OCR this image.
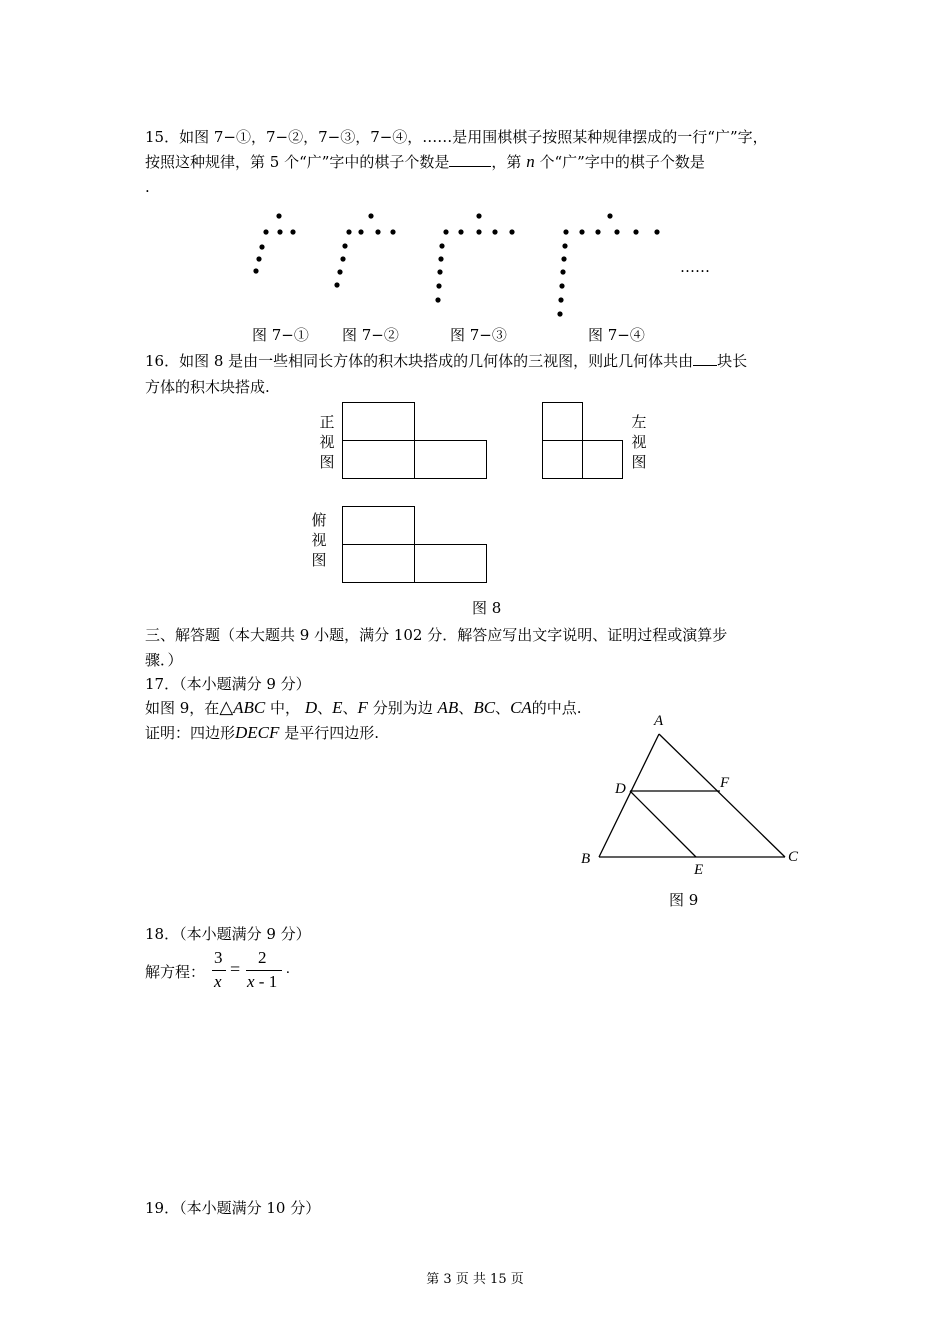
15．如图 7−①，7−②，7−③，7−④，……是用围棋棋子按照某种规律摆成的一行“广”字，
按照这种规律，第 5 个“广”字中的棋子个数是	，第 n 个“广”字中的棋子个数是
.
……
图 7−① 图 7−②	图 7−③	图 7−④
16．如图 8 是由一些相同长方体的积木块搭成的几何体的三视图，则此几何体共由 块长
方体的积木块搭成.
正
视
图
左
视
图
俯
视
图
图 8
三、解答题（本大题共 9 小题，满分 102 分．解答应写出文字说明、证明过程或演算步
骤．）
17．（本小题满分 9 分）
如图 9，在△ABC 中， D、E、F 分别为边 AB、BC、CA的中点.
证明：四边形DECF 是平行四边形.
A
B	C
D
E
F
图 9
18．（本小题满分 9 分）
解方程：
3
x
=
2
x - 1
.
19．（本小题满分 10 分）
第 3 页 共 15 页
